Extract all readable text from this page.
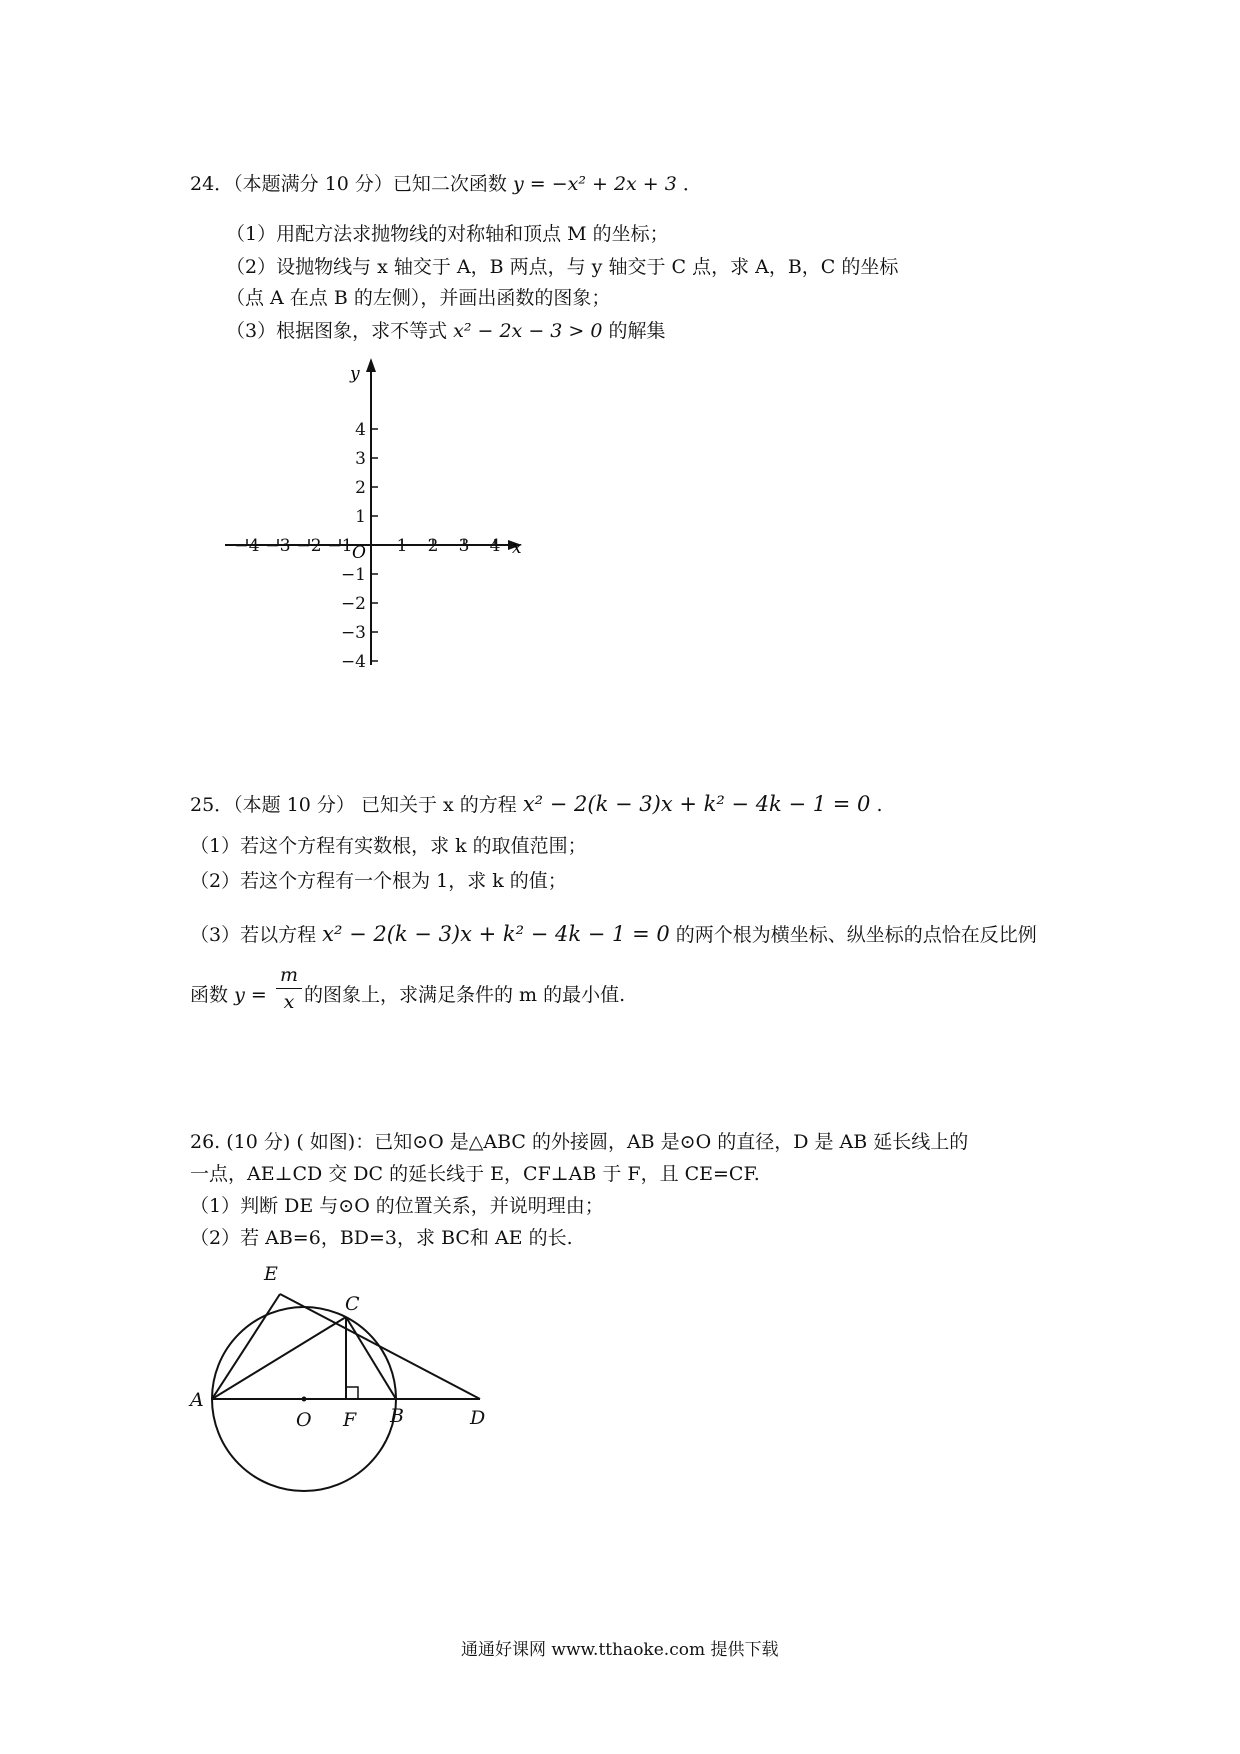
24．（本题满分 10 分）已知二次函数 y = −x² + 2x + 3 ．
（1）用配方法求抛物线的对称轴和顶点 M 的坐标；
（2）设抛物线与 x 轴交于 A，B 两点，与 y 轴交于 C 点，求 A，B，C 的坐标
（点 A 在点 B 的左侧），并画出函数的图象；
（3）根据图象，求不等式 x² − 2x − 3 > 0 的解集
−4 −3 −2 −1	1 2 3 4
4
3
2
1
−1
−2
−3
−4
x
y
O
25．（本题 10 分） 已知关于 x 的方程 x² − 2(k − 3)x + k² − 4k − 1 = 0 .
（1）若这个方程有实数根，求 k 的取值范围；
（2）若这个方程有一个根为 1，求 k 的值；
（3）若以方程 x² − 2(k − 3)x + k² − 4k − 1 = 0 的两个根为横坐标、纵坐标的点恰在反比例
函数 $y = \frac{m}{x}$ 的图象上，求满足条件的 m 的最小值.
26. (10 分) ( 如图)：已知⊙O 是△ABC 的外接圆，AB 是⊙O 的直径，D 是 AB 延长线上的
一点，AE⊥CD 交 DC 的延长线于 E，CF⊥AB 于 F，且 CE=CF.
（1）判断 DE 与⊙O 的位置关系，并说明理由；
（2）若 AB=6，BD=3，求 BC和 AE 的长.
E
C
A
O F B	D
通通好课网 www.tthaoke.com 提供下载
